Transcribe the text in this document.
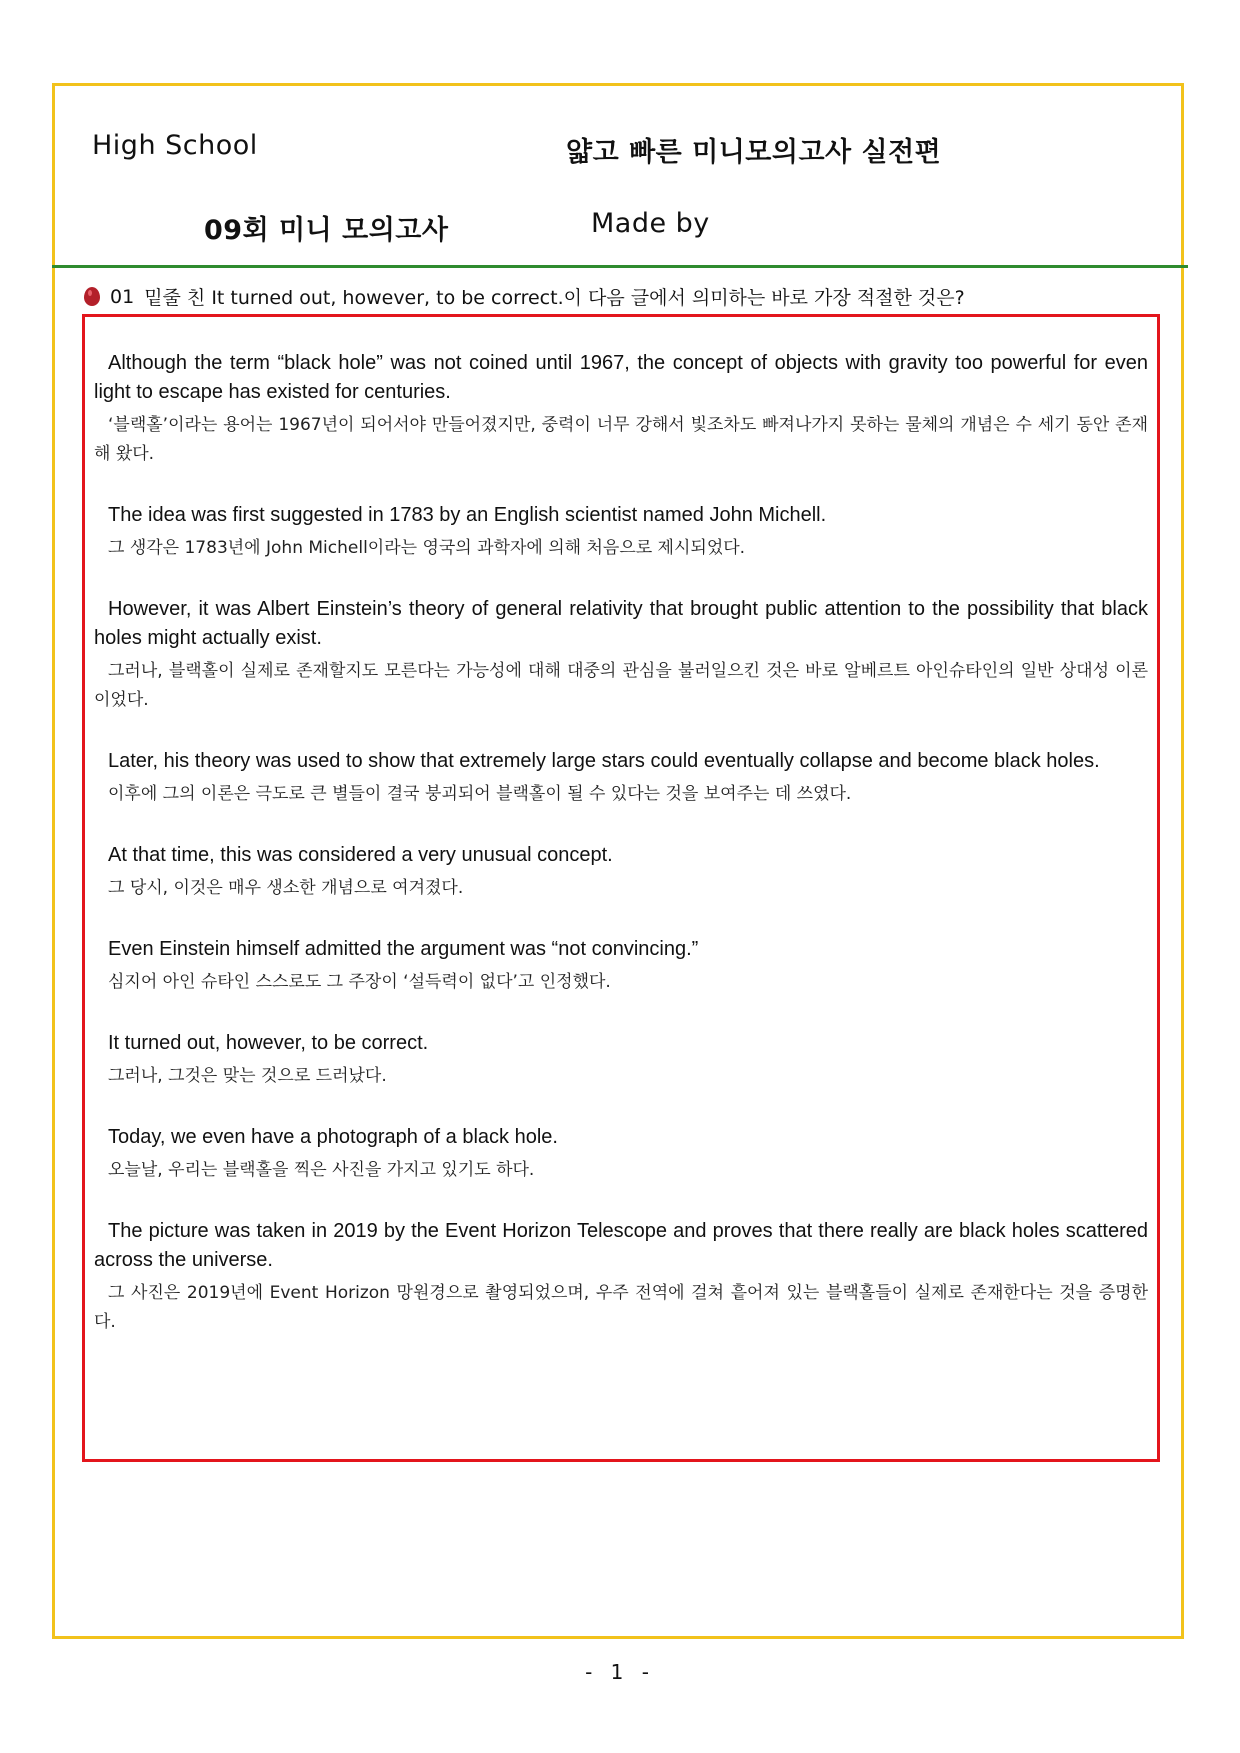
High School	얇고 빠른 미니모의고사 실전편
09회 미니 모의고사	Made by
01 밑줄 친 It turned out, however, to be correct.이 다음 글에서 의미하는 바로 가장 적절한 것은?

Although the term “black hole” was not coined until 1967, the concept of objects with gravity too powerful for even light to escape has existed for centuries.

‘블랙홀’이라는 용어는 1967년이 되어서야 만들어졌지만, 중력이 너무 강해서 빛조차도 빠져나가지 못하는 물체의 개념은 수 세기 동안 존재해 왔다.

The idea was first suggested in 1783 by an English scientist named John Michell.

그 생각은 1783년에 John Michell이라는 영국의 과학자에 의해 처음으로 제시되었다.

However, it was Albert Einstein’s theory of general relativity that brought public attention to the possibility that black holes might actually exist.

그러나, 블랙홀이 실제로 존재할지도 모른다는 가능성에 대해 대중의 관심을 불러일으킨 것은 바로 알베르트 아인슈타인의 일반 상대성 이론이었다.

Later, his theory was used to show that extremely large stars could eventually collapse and become black holes.

이후에 그의 이론은 극도로 큰 별들이 결국 붕괴되어 블랙홀이 될 수 있다는 것을 보여주는 데 쓰였다.

At that time, this was considered a very unusual concept.

그 당시, 이것은 매우 생소한 개념으로 여겨졌다.

Even Einstein himself admitted the argument was “not convincing.”

심지어 아인 슈타인 스스로도 그 주장이 ‘설득력이 없다’고 인정했다.

It turned out, however, to be correct.

그러나, 그것은 맞는 것으로 드러났다.

Today, we even have a photograph of a black hole.

오늘날, 우리는 블랙홀을 찍은 사진을 가지고 있기도 하다.

The picture was taken in 2019 by the Event Horizon Telescope and proves that there really are black holes scattered across the universe.

그 사진은 2019년에 Event Horizon 망원경으로 촬영되었으며, 우주 전역에 걸쳐 흩어져 있는 블랙홀들이 실제로 존재한다는 것을 증명한다.

- 1 -
